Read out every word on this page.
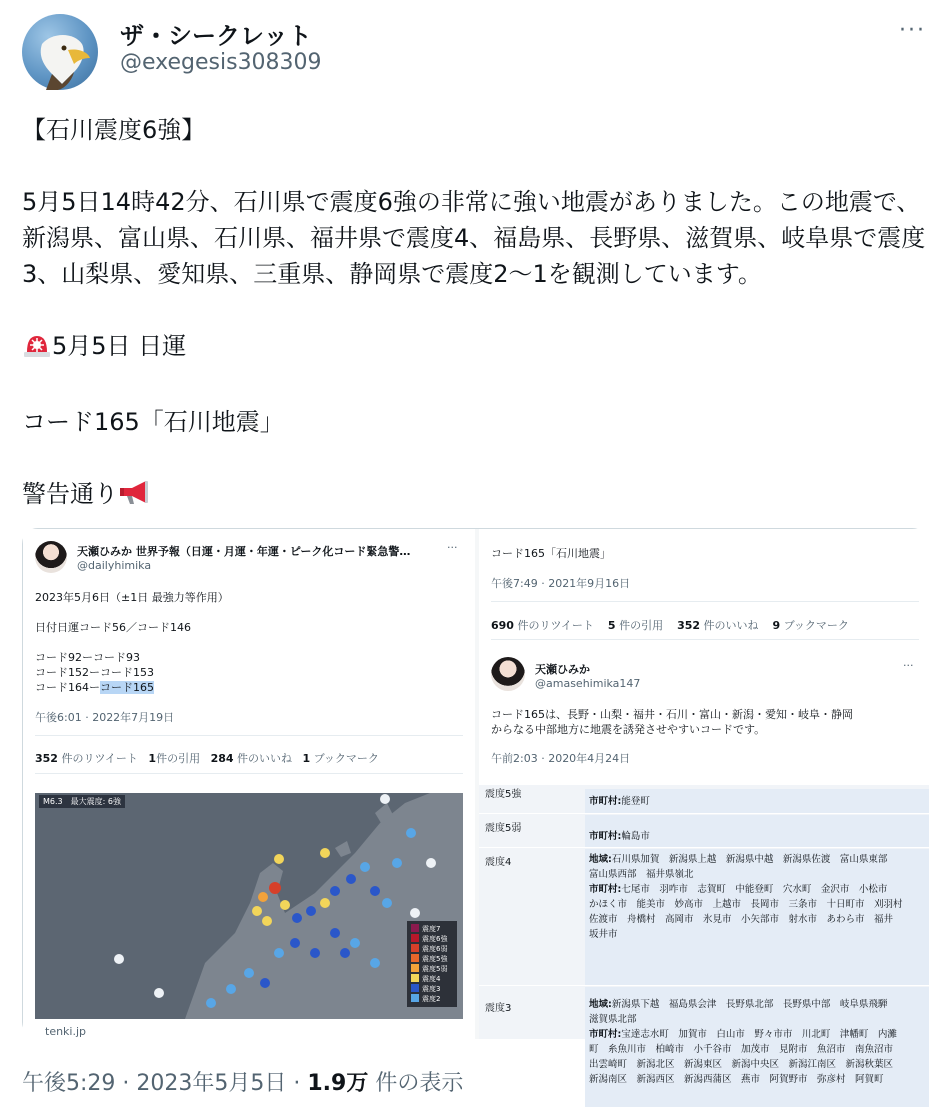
ザ・シークレット
@exegesis308309
···

【石川震度6強】

5月5日14時42分、石川県で震度6強の非常に強い地震がありました。この地震で、新潟県、富山県、石川県、福井県で震度4、福島県、長野県、滋賀県、岐阜県で震度3、山梨県、愛知県、三重県、静岡県で震度2〜1を観測しています。

5月5日 日運

コード165「石川地震」

警告通り

天瀬ひみか 世界予報（日運・月運・年運・ピーク化コード緊急警…
@dailyhimika
···
2023年5月6日（±1日 最強力等作用）
日付日運コード56／コード146
コード92ーコード93
コード152ーコード153
コード164ーコード165
午後6:01 · 2022年7月19日
352 件のリツイート 1件の引用 284 件のいいね 1 ブックマーク
M6.3　最大震度: 6強
震度7
震度6強
震度6弱
震度5強
震度5弱
震度4
震度3
震度2
tenki.jp
コード165「石川地震」
午後7:49 · 2021年9月16日
690 件のリツイート 5 件の引用 352 件のいいね 9 ブックマーク
天瀬ひみか
@amasehimika147
···
コード165は、長野・山梨・福井・石川・富山・新潟・愛知・岐阜・静岡
からなる中部地方に地震を誘発させやすいコードです。
午前2:03 · 2020年4月24日
震度5強
市町村:能登町
震度5弱
市町村:輪島市
震度4	地域:石川県加賀　新潟県上越　新潟県中越　新潟県佐渡　富山県東部
富山県西部　福井県嶺北
市町村:七尾市　羽咋市　志賀町　中能登町　穴水町　金沢市　小松市
かほく市　能美市　妙高市　上越市　長岡市　三条市　十日町市　刈羽村
佐渡市　舟橋村　高岡市　氷見市　小矢部市　射水市　あわら市　福井
坂井市
震度3	地域:新潟県下越　福島県会津　長野県北部　長野県中部　岐阜県飛騨
滋賀県北部
市町村:宝達志水町　加賀市　白山市　野々市市　川北町　津幡町　内灘
町　糸魚川市　柏崎市　小千谷市　加茂市　見附市　魚沼市　南魚沼市
出雲崎町　新潟北区　新潟東区　新潟中央区　新潟江南区　新潟秋葉区
新潟南区　新潟西区　新潟西蒲区　燕市　阿賀野市　弥彦村　阿賀町
午後5:29 · 2023年5月5日 · 1.9万 件の表示
